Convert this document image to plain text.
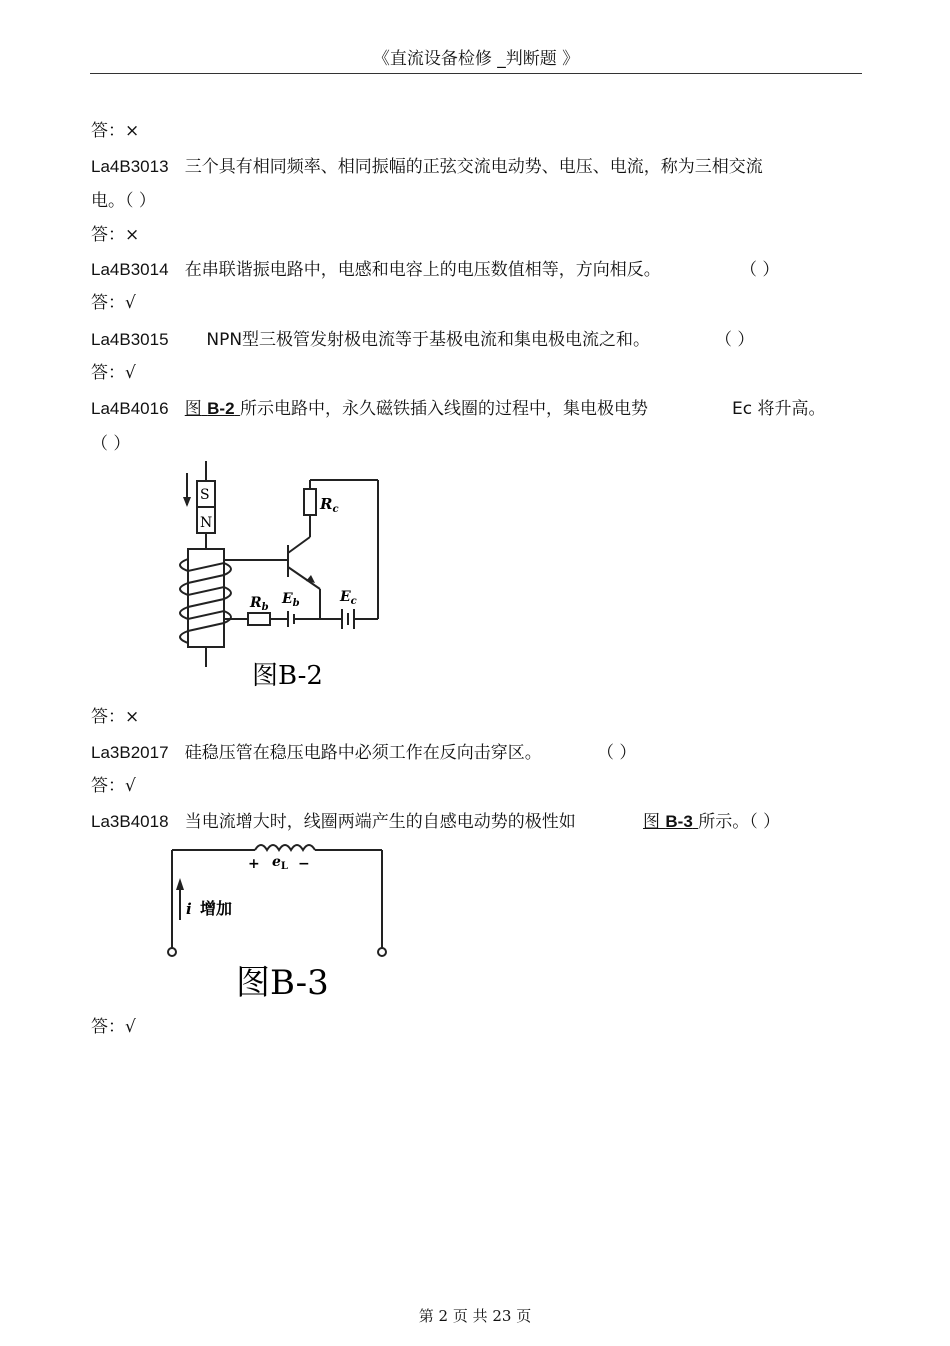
《直流设备检修 _判断题 》
答：×
La4B3013 三个具有相同频率、相同振幅的正弦交流电动势、电压、电流，称为三相交流
电。（ ）
答：×
La4B3014 在串联谐振电路中，电感和电容上的电压数值相等，方向相反。	（ ）
答：√
La4B3015 NPN型三极管发射极电流等于基极电流和集电极电流之和。	（ ）
答：√
La4B4016 图 B-2 所示电路中，永久磁铁插入线圈的过程中，集电极电势	Ec 将升高。
（ ）
S
N
$R_c$
$R_b$
$E_b$	$E_c$
图B-2
答：×
La3B2017 硅稳压管在稳压电路中必须工作在反向击穿区。	（ ）
答：√
La3B4018 当电流增大时，线圈两端产生的自感电动势的极性如	图 B-3 所示。（ ）
+ $e_L$ −
i 增加
图B-3
答：√
第 2 页 共 23 页
